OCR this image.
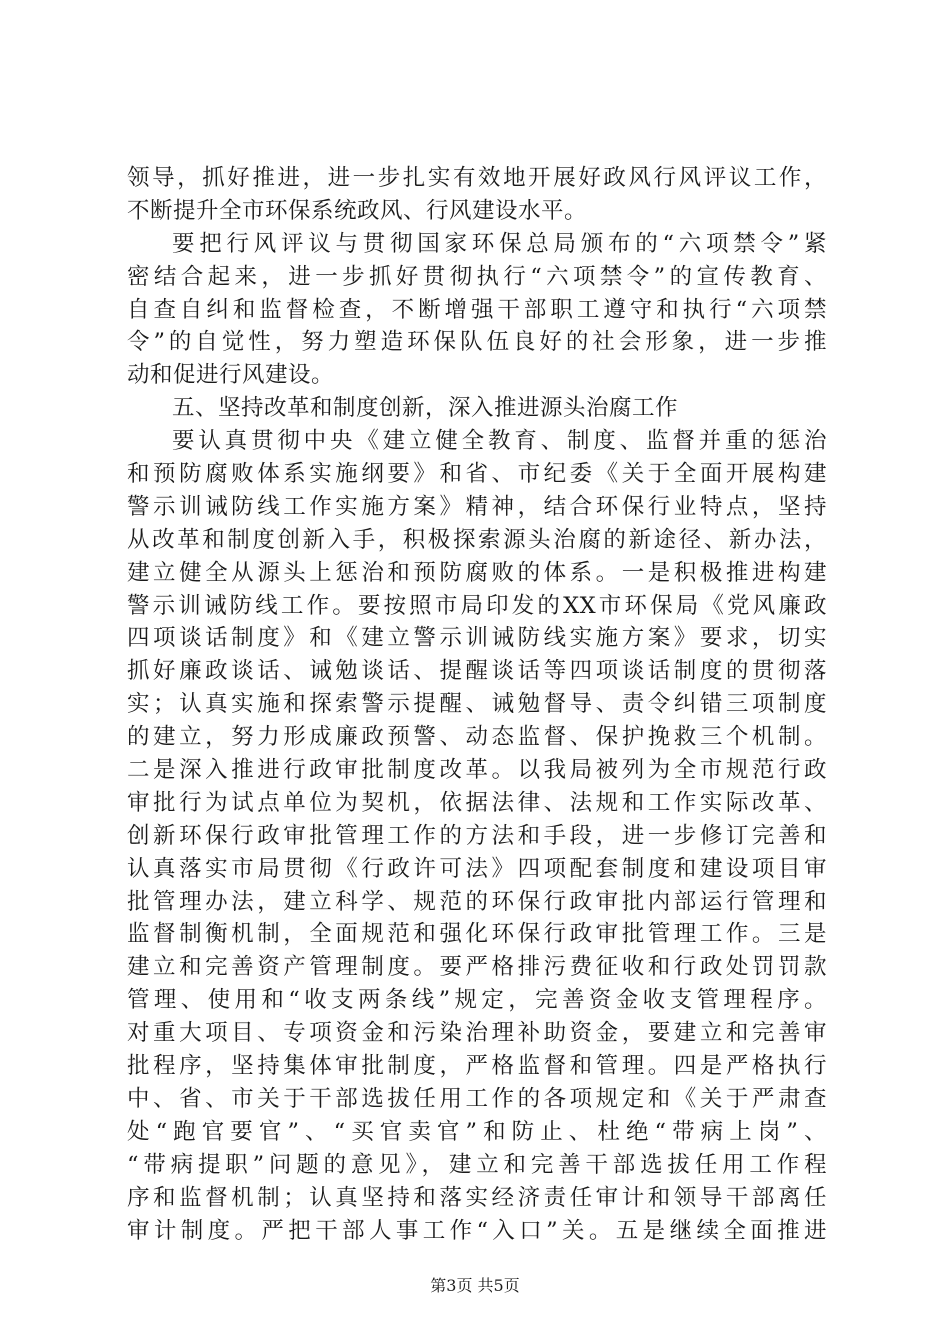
领导，抓好推进，进一步扎实有效地开展好政风行风评议工作，
不断提升全市环保系统政风、行风建设水平。
要把行风评议与贯彻国家环保总局颁布的“六项禁令”紧
密结合起来，进一步抓好贯彻执行“六项禁令”的宣传教育、
自查自纠和监督检查，不断增强干部职工遵守和执行“六项禁
令”的自觉性，努力塑造环保队伍良好的社会形象，进一步推
动和促进行风建设。
五、坚持改革和制度创新，深入推进源头治腐工作
要认真贯彻中央《建立健全教育、制度、监督并重的惩治
和预防腐败体系实施纲要》和省、市纪委《关于全面开展构建
警示训诫防线工作实施方案》精神，结合环保行业特点，坚持
从改革和制度创新入手，积极探索源头治腐的新途径、新办法，
建立健全从源头上惩治和预防腐败的体系。一是积极推进构建
警示训诫防线工作。要按照市局印发的XX市环保局《党风廉政
四项谈话制度》和《建立警示训诫防线实施方案》要求，切实
抓好廉政谈话、诫勉谈话、提醒谈话等四项谈话制度的贯彻落
实；认真实施和探索警示提醒、诫勉督导、责令纠错三项制度
的建立，努力形成廉政预警、动态监督、保护挽救三个机制。
二是深入推进行政审批制度改革。以我局被列为全市规范行政
审批行为试点单位为契机，依据法律、法规和工作实际改革、
创新环保行政审批管理工作的方法和手段，进一步修订完善和
认真落实市局贯彻《行政许可法》四项配套制度和建设项目审
批管理办法，建立科学、规范的环保行政审批内部运行管理和
监督制衡机制，全面规范和强化环保行政审批管理工作。三是
建立和完善资产管理制度。要严格排污费征收和行政处罚罚款
管理、使用和“收支两条线”规定，完善资金收支管理程序。
对重大项目、专项资金和污染治理补助资金，要建立和完善审
批程序，坚持集体审批制度，严格监督和管理。四是严格执行
中、省、市关于干部选拔任用工作的各项规定和《关于严肃查
处“跑官要官”、“买官卖官”和防止、杜绝“带病上岗”、
“带病提职”问题的意见》，建立和完善干部选拔任用工作程
序和监督机制；认真坚持和落实经济责任审计和领导干部离任
审计制度。严把干部人事工作“入口”关。五是继续全面推进
第3页 共5页
